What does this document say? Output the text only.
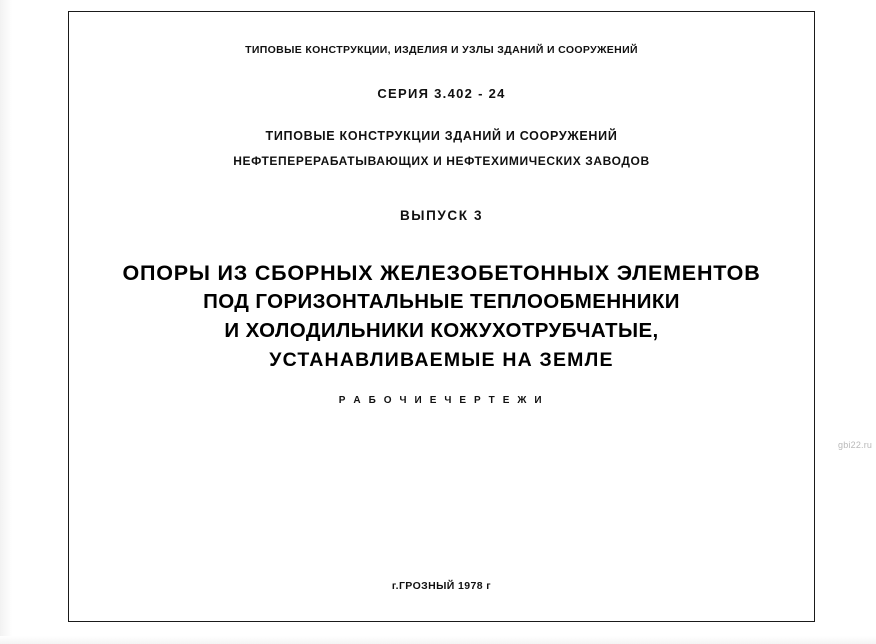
ТИПОВЫЕ КОНСТРУКЦИИ, ИЗДЕЛИЯ И УЗЛЫ ЗДАНИЙ И СООРУЖЕНИЙ
СЕРИЯ 3.402 - 24
ТИПОВЫЕ КОНСТРУКЦИИ ЗДАНИЙ И СООРУЖЕНИЙ
НЕФТЕПЕРЕРАБАТЫВАЮЩИХ И НЕФТЕХИМИЧЕСКИХ ЗАВОДОВ
ВЫПУСК 3
ОПОРЫ ИЗ СБОРНЫХ ЖЕЛЕЗОБЕТОННЫХ ЭЛЕМЕНТОВ
ПОД ГОРИЗОНТАЛЬНЫЕ ТЕПЛООБМЕННИКИ
И ХОЛОДИЛЬНИКИ КОЖУХОТРУБЧАТЫЕ,
УСТАНАВЛИВАЕМЫЕ НА ЗЕМЛЕ
Р А Б О Ч И Е Ч Е Р Т Е Ж И
г.ГРОЗНЫЙ 1978 г
gbi22.ru
